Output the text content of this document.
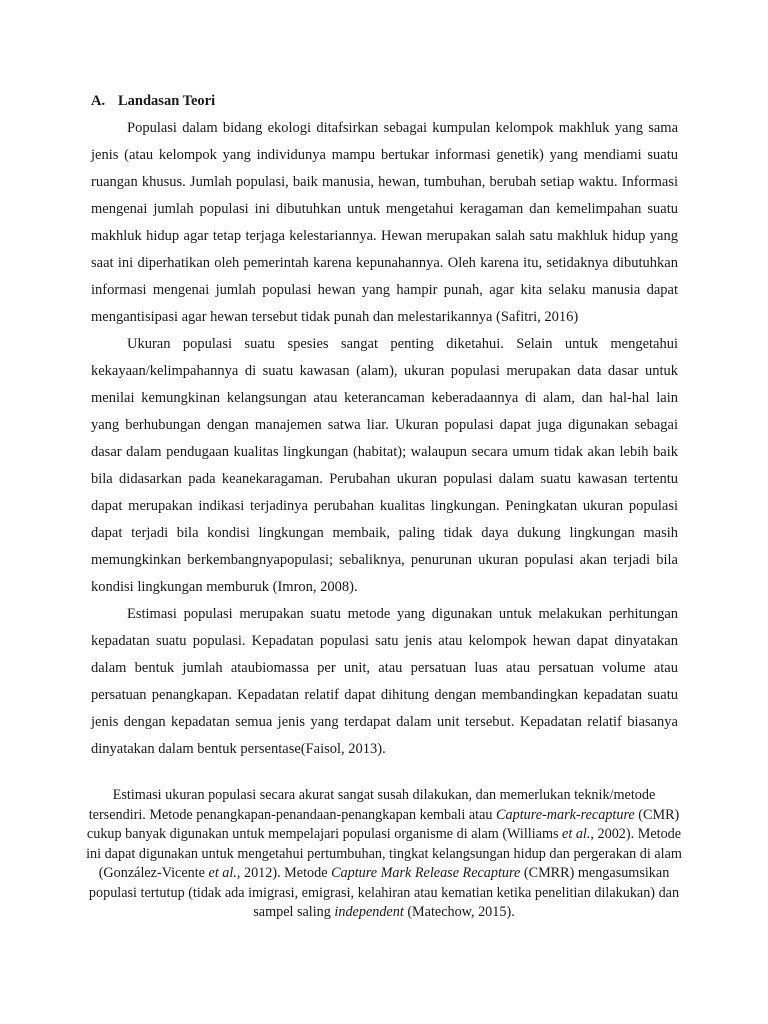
A. Landasan Teori

Populasi dalam bidang ekologi ditafsirkan sebagai kumpulan kelompok makhluk yang sama jenis (atau kelompok yang individunya mampu bertukar informasi genetik) yang mendiami suatu ruangan khusus. Jumlah populasi, baik manusia, hewan, tumbuhan, berubah setiap waktu. Informasi mengenai jumlah populasi ini dibutuhkan untuk mengetahui keragaman dan kemelimpahan suatu makhluk hidup agar tetap terjaga kelestariannya. Hewan merupakan salah satu makhluk hidup yang saat ini diperhatikan oleh pemerintah karena kepunahannya. Oleh karena itu, setidaknya dibutuhkan informasi mengenai jumlah populasi hewan yang hampir punah, agar kita selaku manusia dapat mengantisipasi agar hewan tersebut tidak punah dan melestarikannya (Safitri, 2016)

Ukuran populasi suatu spesies sangat penting diketahui. Selain untuk mengetahui kekayaan/kelimpahannya di suatu kawasan (alam), ukuran populasi merupakan data dasar untuk menilai kemungkinan kelangsungan atau keterancaman keberadaannya di alam, dan hal-hal lain yang berhubungan dengan manajemen satwa liar. Ukuran populasi dapat juga digunakan sebagai dasar dalam pendugaan kualitas lingkungan (habitat); walaupun secara umum tidak akan lebih baik bila didasarkan pada keanekaragaman. Perubahan ukuran populasi dalam suatu kawasan tertentu dapat merupakan indikasi terjadinya perubahan kualitas lingkungan. Peningkatan ukuran populasi dapat terjadi bila kondisi lingkungan membaik, paling tidak daya dukung lingkungan masih memungkinkan berkembangnyapopulasi; sebaliknya, penurunan ukuran populasi akan terjadi bila kondisi lingkungan memburuk (Imron, 2008).

Estimasi populasi merupakan suatu metode yang digunakan untuk melakukan perhitungan kepadatan suatu populasi. Kepadatan populasi satu jenis atau kelompok hewan dapat dinyatakan dalam bentuk jumlah ataubiomassa per unit, atau persatuan luas atau persatuan volume atau persatuan penangkapan. Kepadatan relatif dapat dihitung dengan membandingkan kepadatan suatu jenis dengan kepadatan semua jenis yang terdapat dalam unit tersebut. Kepadatan relatif biasanya dinyatakan dalam bentuk persentase(Faisol, 2013).

Estimasi ukuran populasi secara akurat sangat susah dilakukan, dan memerlukan teknik/metode tersendiri. Metode penangkapan-penandaan-penangkapan kembali atau Capture-mark-recapture (CMR) cukup banyak digunakan untuk mempelajari populasi organisme di alam (Williams et al., 2002). Metode ini dapat digunakan untuk mengetahui pertumbuhan, tingkat kelangsungan hidup dan pergerakan di alam (González-Vicente et al., 2012). Metode Capture Mark Release Recapture (CMRR) mengasumsikan populasi tertutup (tidak ada imigrasi, emigrasi, kelahiran atau kematian ketika penelitian dilakukan) dan sampel saling independent (Matechow, 2015).
